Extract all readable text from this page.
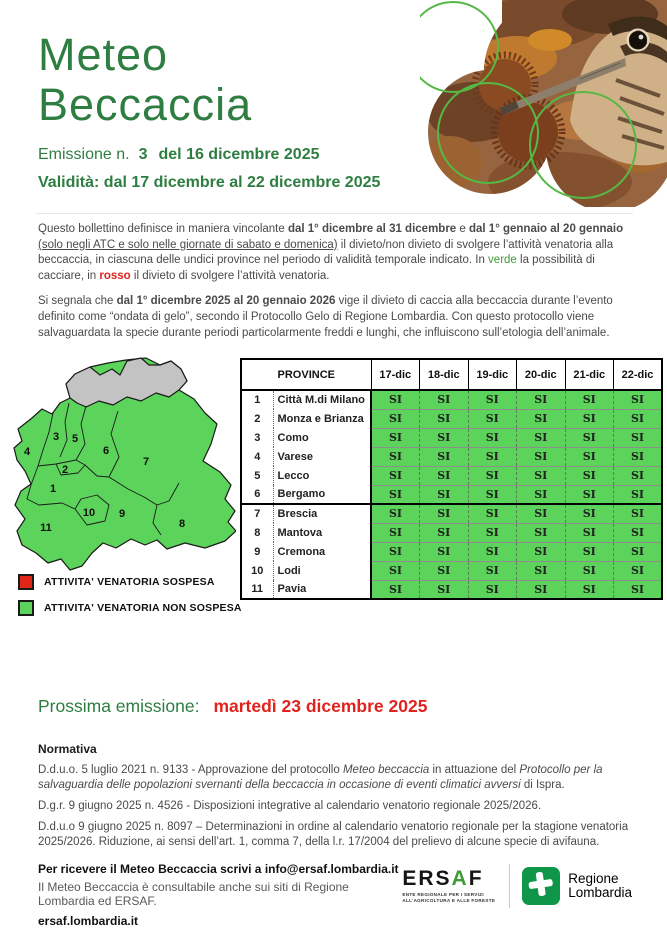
Meteo
Beccaccia
Emissione n. 3 del 16 dicembre 2025
Validità: dal 17 dicembre al 22 dicembre 2025

Questo bollettino definisce in maniera vincolante dal 1° dicembre al 31 dicembre e dal 1° gennaio al 20 gennaio (solo negli ATC e solo nelle giornate di sabato e domenica) il divieto/non divieto di svolgere l’attività venatoria alla beccaccia, in ciascuna delle undici province nel periodo di validità temporale indicato. In verde la possibilità di cacciare, in rosso il divieto di svolgere l’attività venatoria.

Si segnala che dal 1° dicembre 2025 al 20 gennaio 2026 vige il divieto di caccia alla beccaccia durante l’evento definito come “ondata di gelo”, secondo il Protocollo Gelo di Regione Lombardia. Con questo protocollo viene salvaguardata la specie durante periodi particolarmente freddi e lunghi, che influiscono sull’etologia dell’animale.

1
2
3
4
5
6
7
8
9
10
11
ATTIVITA' VENATORIA SOSPESA
ATTIVITA' VENATORIA NON SOSPESA
PROVINCE		17-dic	18-dic	19-dic	20-dic	21-dic	22-dic
1	Città M.di Milano	SI	SI	SI	SI	SI	SI
2	Monza e Brianza	SI	SI	SI	SI	SI	SI
3	Como	SI	SI	SI	SI	SI	SI
4	Varese	SI	SI	SI	SI	SI	SI
5	Lecco	SI	SI	SI	SI	SI	SI
6	Bergamo	SI	SI	SI	SI	SI	SI
7	Brescia	SI	SI	SI	SI	SI	SI
8	Mantova	SI	SI	SI	SI	SI	SI
9	Cremona	SI	SI	SI	SI	SI	SI
10	Lodi	SI	SI	SI	SI	SI	SI
11	Pavia	SI	SI	SI	SI	SI	SI
Prossima emissione: martedì 23 dicembre 2025
Normativa

D.d.u.o. 5 luglio 2021 n. 9133 - Approvazione del protocollo Meteo beccaccia in attuazione del Protocollo per la salvaguardia delle popolazioni svernanti della beccaccia in occasione di eventi climatici avversi di Ispra.

D.g.r. 9 giugno 2025 n. 4526 - Disposizioni integrative al calendario venatorio regionale 2025/2026.

D.d.u.o 9 giugno 2025 n. 8097 – Determinazioni in ordine al calendario venatorio regionale per la stagione venatoria 2025/2026. Riduzione, ai sensi dell’art. 1, comma 7, della l.r. 17/2004 del prelievo di alcune specie di avifauna.

Per ricevere il Meteo Beccaccia scrivi a info@ersaf.lombardia.it
Il Meteo Beccaccia è consultabile anche sui siti di Regione Lombardia ed ERSAF.
ersaf.lombardia.it
ERSAF
ENTE REGIONALE PER I SERVIZI
ALL'AGRICOLTURA E ALLE FORESTE
Regione
Lombardia
